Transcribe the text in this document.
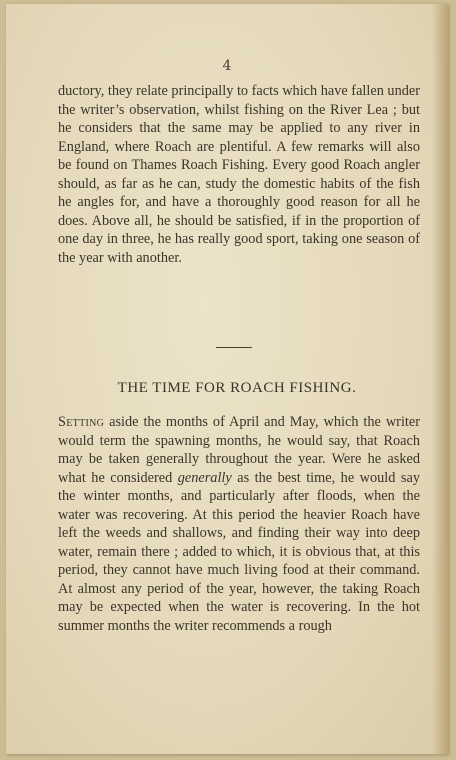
4

ductory, they relate principally to facts which have fallen under the writer’s observation, whilst fishing on the River Lea ; but he considers that the same may be applied to any river in England, where Roach are plentiful. A few remarks will also be found on Thames Roach Fishing. Every good Roach angler should, as far as he can, study the domestic habits of the fish he angles for, and have a thoroughly good reason for all he does. Above all, he should be satisfied, if in the proportion of one day in three, he has really good sport, taking one season of the year with another.

THE TIME FOR ROACH FISHING.

Setting aside the months of April and May, which the writer would term the spawning months, he would say, that Roach may be taken generally throughout the year. Were he asked what he considered generally as the best time, he would say the winter months, and particularly after floods, when the water was recovering. At this period the heavier Roach have left the weeds and shallows, and finding their way into deep water, remain there ; added to which, it is obvious that, at this period, they cannot have much living food at their command. At almost any period of the year, however, the taking Roach may be expected when the water is recovering. In the hot summer months the writer recommends a rough
